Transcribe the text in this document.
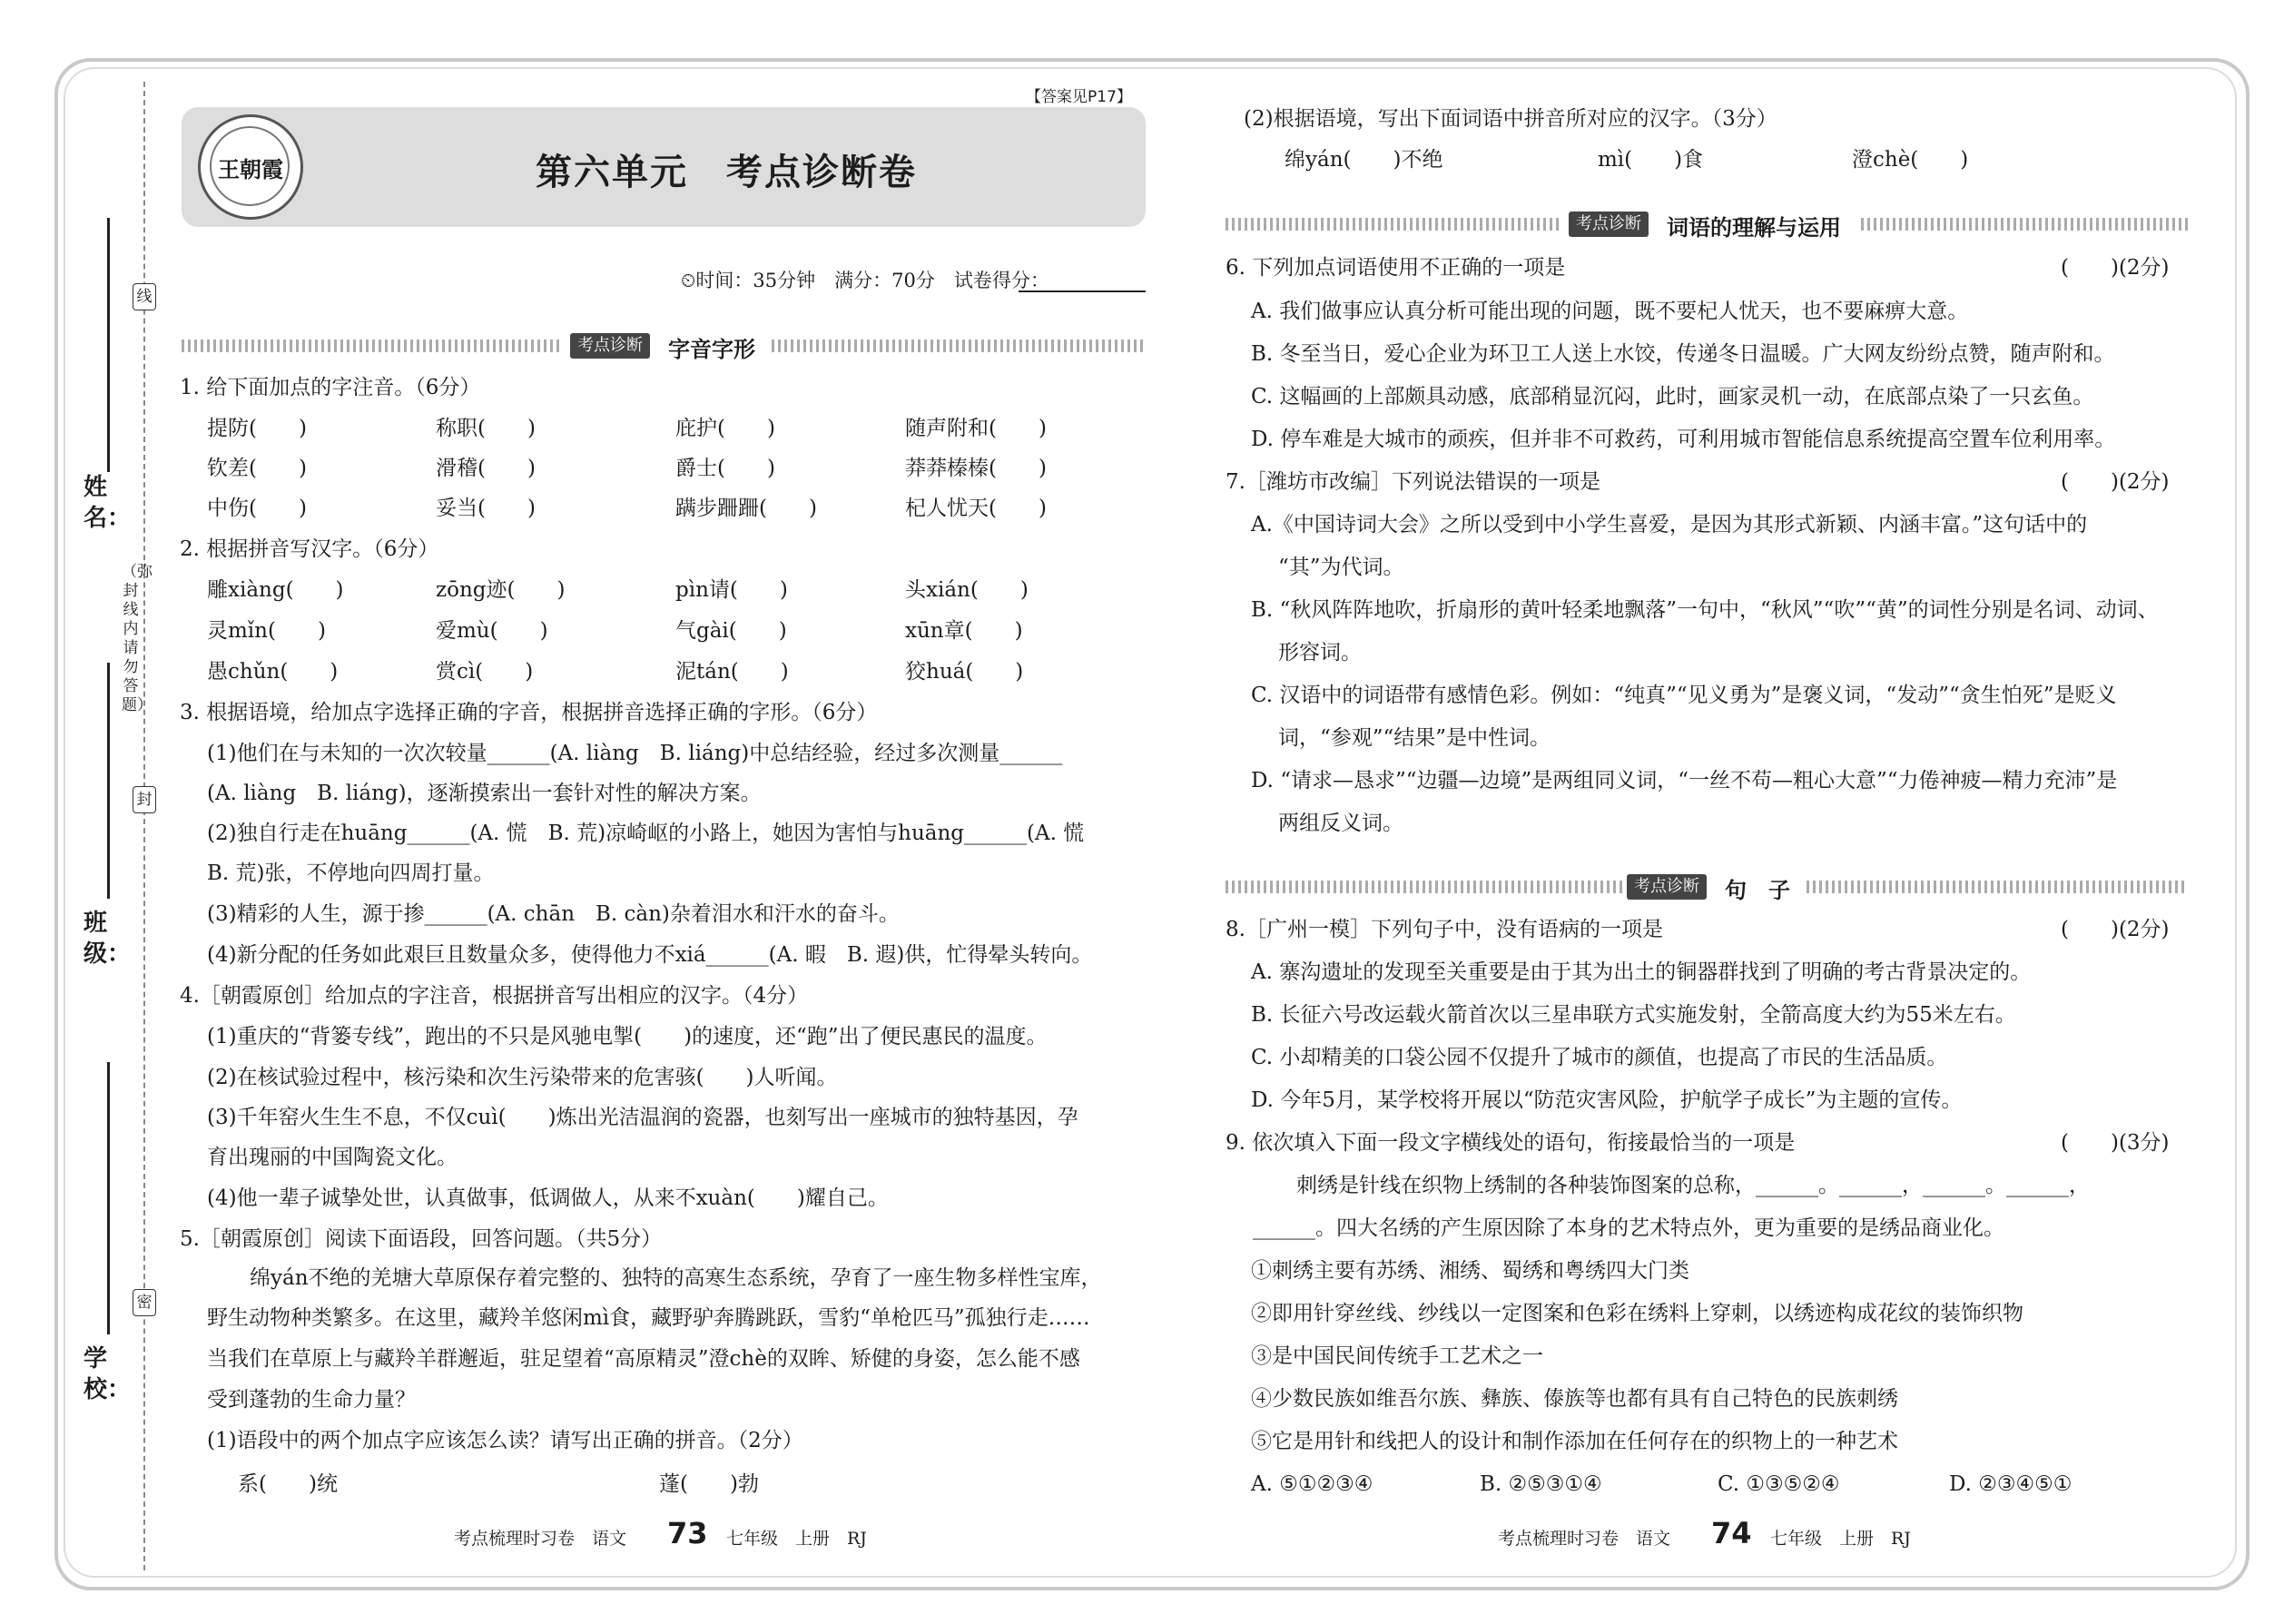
姓名：
班级：
学校：
线
封
密
（弥封线内请勿答题）
【答案见P17】
王朝霞	第六单元　考点诊断卷
⏲时间：35分钟　满分：70分　试卷得分：
考点诊断	字音字形
1. 给下面加点的字注音。（6分）
提防(　　)	称职(　　)	庇护(　　)	随声附和(　　)
钦差(　　)	滑稽(　　)	爵士(　　)	莽莽榛榛(　　)
中伤(　　)	妥当(　　)	蹒步跚跚(　　)	杞人忧天(　　)
2. 根据拼音写汉字。（6分）
雕xiàng(　　)	zōng迹(　　)	pìn请(　　)	头xián(　　)
灵mǐn(　　)	爱mù(　　)	气gài(　　)	xūn章(　　)
愚chǔn(　　)	赏cì(　　)	泥tán(　　)	狡huá(　　)
3. 根据语境，给加点字选择正确的字音，根据拼音选择正确的字形。（6分）
(1)他们在与未知的一次次较量______(A. liàng　B. liáng)中总结经验，经过多次测量______
(A. liàng　B. liáng)，逐渐摸索出一套针对性的解决方案。
(2)独自行走在huāng______(A. 慌　B. 荒)凉崎岖的小路上，她因为害怕与huāng______(A. 慌
B. 荒)张，不停地向四周打量。
(3)精彩的人生，源于掺______(A. chān　B. càn)杂着泪水和汗水的奋斗。
(4)新分配的任务如此艰巨且数量众多，使得他力不xiá______(A. 暇　B. 遐)供，忙得晕头转向。
4.［朝霞原创］给加点的字注音，根据拼音写出相应的汉字。（4分）
(1)重庆的“背篓专线”，跑出的不只是风驰电掣(　　)的速度，还“跑”出了便民惠民的温度。
(2)在核试验过程中，核污染和次生污染带来的危害骇(　　)人听闻。
(3)千年窑火生生不息，不仅cuì(　　)炼出光洁温润的瓷器，也刻写出一座城市的独特基因，孕
育出瑰丽的中国陶瓷文化。
(4)他一辈子诚挚处世，认真做事，低调做人，从来不xuàn(　　)耀自己。
5.［朝霞原创］阅读下面语段，回答问题。（共5分）
绵yán不绝的羌塘大草原保存着完整的、独特的高寒生态系统，孕育了一座生物多样性宝库，
野生动物种类繁多。在这里，藏羚羊悠闲mì食，藏野驴奔腾跳跃，雪豹“单枪匹马”孤独行走……
当我们在草原上与藏羚羊群邂逅，驻足望着“高原精灵”澄chè的双眸、矫健的身姿，怎么能不感
受到蓬勃的生命力量？
(1)语段中的两个加点字应该怎么读？请写出正确的拼音。（2分）
系(　　)统	蓬(　　)勃
考点梳理时习卷　语文 73 七年级　上册　RJ
(2)根据语境，写出下面词语中拼音所对应的汉字。（3分）
绵yán(　　)不绝	mì(　　)食	澄chè(　　)
考点诊断	词语的理解与运用
6. 下列加点词语使用不正确的一项是	(　　)(2分)
A. 我们做事应认真分析可能出现的问题，既不要杞人忧天，也不要麻痹大意。
B. 冬至当日，爱心企业为环卫工人送上水饺，传递冬日温暖。广大网友纷纷点赞，随声附和。
C. 这幅画的上部颇具动感，底部稍显沉闷，此时，画家灵机一动，在底部点染了一只玄鱼。
D. 停车难是大城市的顽疾，但并非不可救药，可利用城市智能信息系统提高空置车位利用率。
7.［潍坊市改编］下列说法错误的一项是	(　　)(2分)
A.《中国诗词大会》之所以受到中小学生喜爱，是因为其形式新颖、内涵丰富。”这句话中的
“其”为代词。
B. “秋风阵阵地吹，折扇形的黄叶轻柔地飘落”一句中，“秋风”“吹”“黄”的词性分别是名词、动词、
形容词。
C. 汉语中的词语带有感情色彩。例如：“纯真”“见义勇为”是褒义词，“发动”“贪生怕死”是贬义
词，“参观”“结果”是中性词。
D. “请求—恳求”“边疆—边境”是两组同义词，“一丝不苟—粗心大意”“力倦神疲—精力充沛”是
两组反义词。
考点诊断	句　子
8.［广州一模］下列句子中，没有语病的一项是	(　　)(2分)
A. 寨沟遗址的发现至关重要是由于其为出土的铜器群找到了明确的考古背景决定的。
B. 长征六号改运载火箭首次以三星串联方式实施发射，全箭高度大约为55米左右。
C. 小却精美的口袋公园不仅提升了城市的颜值，也提高了市民的生活品质。
D. 今年5月，某学校将开展以“防范灾害风险，护航学子成长”为主题的宣传。
9. 依次填入下面一段文字横线处的语句，衔接最恰当的一项是	(　　)(3分)
刺绣是针线在织物上绣制的各种装饰图案的总称，______。______，______。______，
______。四大名绣的产生原因除了本身的艺术特点外，更为重要的是绣品商业化。
①刺绣主要有苏绣、湘绣、蜀绣和粤绣四大门类
②即用针穿丝线、纱线以一定图案和色彩在绣料上穿刺，以绣迹构成花纹的装饰织物
③是中国民间传统手工艺术之一
④少数民族如维吾尔族、彝族、傣族等也都有具有自己特色的民族刺绣
⑤它是用针和线把人的设计和制作添加在任何存在的织物上的一种艺术
A. ⑤①②③④	B. ②⑤③①④	C. ①③⑤②④	D. ②③④⑤①
考点梳理时习卷　语文 74 七年级　上册　RJ
